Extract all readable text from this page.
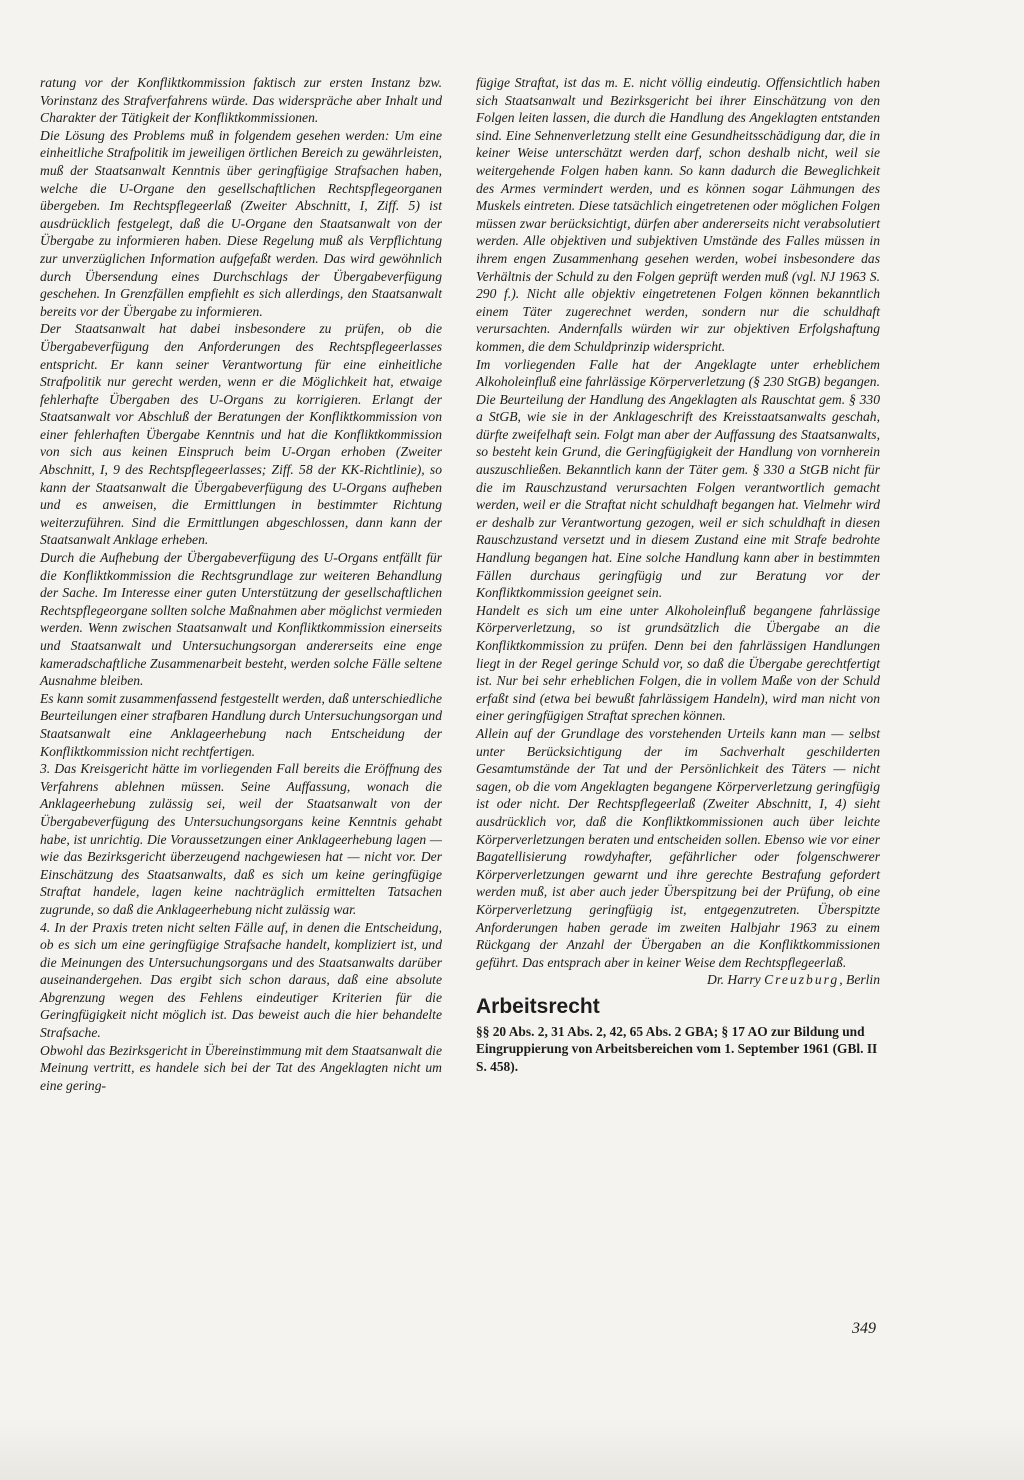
ratung vor der Konfliktkommission faktisch zur ersten Instanz bzw. Vorinstanz des Strafverfahrens würde. Das widerspräche aber Inhalt und Charakter der Tätigkeit der Konfliktkommissionen.

Die Lösung des Problems muß in folgendem gesehen werden: Um eine einheitliche Strafpolitik im jeweiligen örtlichen Bereich zu gewährleisten, muß der Staatsanwalt Kenntnis über geringfügige Strafsachen haben, welche die U-Organe den gesellschaftlichen Rechtspflegeorganen übergeben. Im Rechtspflegeerlaß (Zweiter Abschnitt, I, Ziff. 5) ist ausdrücklich festgelegt, daß die U-Organe den Staatsanwalt von der Übergabe zu informieren haben. Diese Regelung muß als Verpflichtung zur unverzüglichen Information aufgefaßt werden. Das wird gewöhnlich durch Übersendung eines Durchschlags der Übergabeverfügung geschehen. In Grenzfällen empfiehlt es sich allerdings, den Staatsanwalt bereits vor der Übergabe zu informieren.

Der Staatsanwalt hat dabei insbesondere zu prüfen, ob die Übergabeverfügung den Anforderungen des Rechtspflegeerlasses entspricht. Er kann seiner Verantwortung für eine einheitliche Strafpolitik nur gerecht werden, wenn er die Möglichkeit hat, etwaige fehlerhafte Übergaben des U-Organs zu korrigieren. Erlangt der Staatsanwalt vor Abschluß der Beratungen der Konfliktkommission von einer fehlerhaften Übergabe Kenntnis und hat die Konfliktkommission von sich aus keinen Einspruch beim U-Organ erhoben (Zweiter Abschnitt, I, 9 des Rechtspflegeerlasses; Ziff. 58 der KK-Richtlinie), so kann der Staatsanwalt die Übergabeverfügung des U-Organs aufheben und es anweisen, die Ermittlungen in bestimmter Richtung weiterzuführen. Sind die Ermittlungen abgeschlossen, dann kann der Staatsanwalt Anklage erheben.

Durch die Aufhebung der Übergabeverfügung des U-Organs entfällt für die Konfliktkommission die Rechtsgrundlage zur weiteren Behandlung der Sache. Im Interesse einer guten Unterstützung der gesellschaftlichen Rechtspflegeorgane sollten solche Maßnahmen aber möglichst vermieden werden. Wenn zwischen Staatsanwalt und Konfliktkommission einerseits und Staatsanwalt und Untersuchungsorgan andererseits eine enge kameradschaftliche Zusammenarbeit besteht, werden solche Fälle seltene Ausnahme bleiben.

Es kann somit zusammenfassend festgestellt werden, daß unterschiedliche Beurteilungen einer strafbaren Handlung durch Untersuchungsorgan und Staatsanwalt eine Anklageerhebung nach Entscheidung der Konfliktkommission nicht rechtfertigen.

3. Das Kreisgericht hätte im vorliegenden Fall bereits die Eröffnung des Verfahrens ablehnen müssen. Seine Auffassung, wonach die Anklageerhebung zulässig sei, weil der Staatsanwalt von der Übergabeverfügung des Untersuchungsorgans keine Kenntnis gehabt habe, ist unrichtig. Die Voraussetzungen einer Anklageerhebung lagen — wie das Bezirksgericht überzeugend nachgewiesen hat — nicht vor. Der Einschätzung des Staatsanwalts, daß es sich um keine geringfügige Straftat handele, lagen keine nachträglich ermittelten Tatsachen zugrunde, so daß die Anklageerhebung nicht zulässig war.

4. In der Praxis treten nicht selten Fälle auf, in denen die Entscheidung, ob es sich um eine geringfügige Strafsache handelt, kompliziert ist, und die Meinungen des Untersuchungsorgans und des Staatsanwalts darüber auseinandergehen. Das ergibt sich schon daraus, daß eine absolute Abgrenzung wegen des Fehlens eindeutiger Kriterien für die Geringfügigkeit nicht möglich ist. Das beweist auch die hier behandelte Strafsache.

Obwohl das Bezirksgericht in Übereinstimmung mit dem Staatsanwalt die Meinung vertritt, es handele sich bei der Tat des Angeklagten nicht um eine gering-

fügige Straftat, ist das m. E. nicht völlig eindeutig. Offensichtlich haben sich Staatsanwalt und Bezirksgericht bei ihrer Einschätzung von den Folgen leiten lassen, die durch die Handlung des Angeklagten entstanden sind. Eine Sehnenverletzung stellt eine Gesundheitsschädigung dar, die in keiner Weise unterschätzt werden darf, schon deshalb nicht, weil sie weitergehende Folgen haben kann. So kann dadurch die Beweglichkeit des Armes vermindert werden, und es können sogar Lähmungen des Muskels eintreten. Diese tatsächlich eingetretenen oder möglichen Folgen müssen zwar berücksichtigt, dürfen aber andererseits nicht verabsolutiert werden. Alle objektiven und subjektiven Umstände des Falles müssen in ihrem engen Zusammenhang gesehen werden, wobei insbesondere das Verhältnis der Schuld zu den Folgen geprüft werden muß (vgl. NJ 1963 S. 290 f.). Nicht alle objektiv eingetretenen Folgen können bekanntlich einem Täter zugerechnet werden, sondern nur die schuldhaft verursachten. Andernfalls würden wir zur objektiven Erfolgshaftung kommen, die dem Schuldprinzip widerspricht.

Im vorliegenden Falle hat der Angeklagte unter erheblichem Alkoholeinfluß eine fahrlässige Körperverletzung (§ 230 StGB) begangen. Die Beurteilung der Handlung des Angeklagten als Rauschtat gem. § 330 a StGB, wie sie in der Anklageschrift des Kreisstaatsanwalts geschah, dürfte zweifelhaft sein. Folgt man aber der Auffassung des Staatsanwalts, so besteht kein Grund, die Geringfügigkeit der Handlung von vornherein auszuschließen. Bekanntlich kann der Täter gem. § 330 a StGB nicht für die im Rauschzustand verursachten Folgen verantwortlich gemacht werden, weil er die Straftat nicht schuldhaft begangen hat. Vielmehr wird er deshalb zur Verantwortung gezogen, weil er sich schuldhaft in diesen Rauschzustand versetzt und in diesem Zustand eine mit Strafe bedrohte Handlung begangen hat. Eine solche Handlung kann aber in bestimmten Fällen durchaus geringfügig und zur Beratung vor der Konfliktkommission geeignet sein.

Handelt es sich um eine unter Alkoholeinfluß begangene fahrlässige Körperverletzung, so ist grundsätzlich die Übergabe an die Konfliktkommission zu prüfen. Denn bei den fahrlässigen Handlungen liegt in der Regel geringe Schuld vor, so daß die Übergabe gerechtfertigt ist. Nur bei sehr erheblichen Folgen, die in vollem Maße von der Schuld erfaßt sind (etwa bei bewußt fahrlässigem Handeln), wird man nicht von einer geringfügigen Straftat sprechen können.

Allein auf der Grundlage des vorstehenden Urteils kann man — selbst unter Berücksichtigung der im Sachverhalt geschilderten Gesamtumstände der Tat und der Persönlichkeit des Täters — nicht sagen, ob die vom Angeklagten begangene Körperverletzung geringfügig ist oder nicht. Der Rechtspflegeerlaß (Zweiter Abschnitt, I, 4) sieht ausdrücklich vor, daß die Konfliktkommissionen auch über leichte Körperverletzungen beraten und entscheiden sollen. Ebenso wie vor einer Bagatellisierung rowdyhafter, gefährlicher oder folgenschwerer Körperverletzungen gewarnt und ihre gerechte Bestrafung gefordert werden muß, ist aber auch jeder Überspitzung bei der Prüfung, ob eine Körperverletzung geringfügig ist, entgegenzutreten. Überspitzte Anforderungen haben gerade im zweiten Halbjahr 1963 zu einem Rückgang der Anzahl der Übergaben an die Konfliktkommissionen geführt. Das entsprach aber in keiner Weise dem Rechtspflegeerlaß.

Dr. Harry Creuzburg, Berlin

Arbeitsrecht

§§ 20 Abs. 2, 31 Abs. 2, 42, 65 Abs. 2 GBA; § 17 AO zur Bildung und Eingruppierung von Arbeitsbereichen vom 1. September 1961 (GBl. II S. 458).

349
